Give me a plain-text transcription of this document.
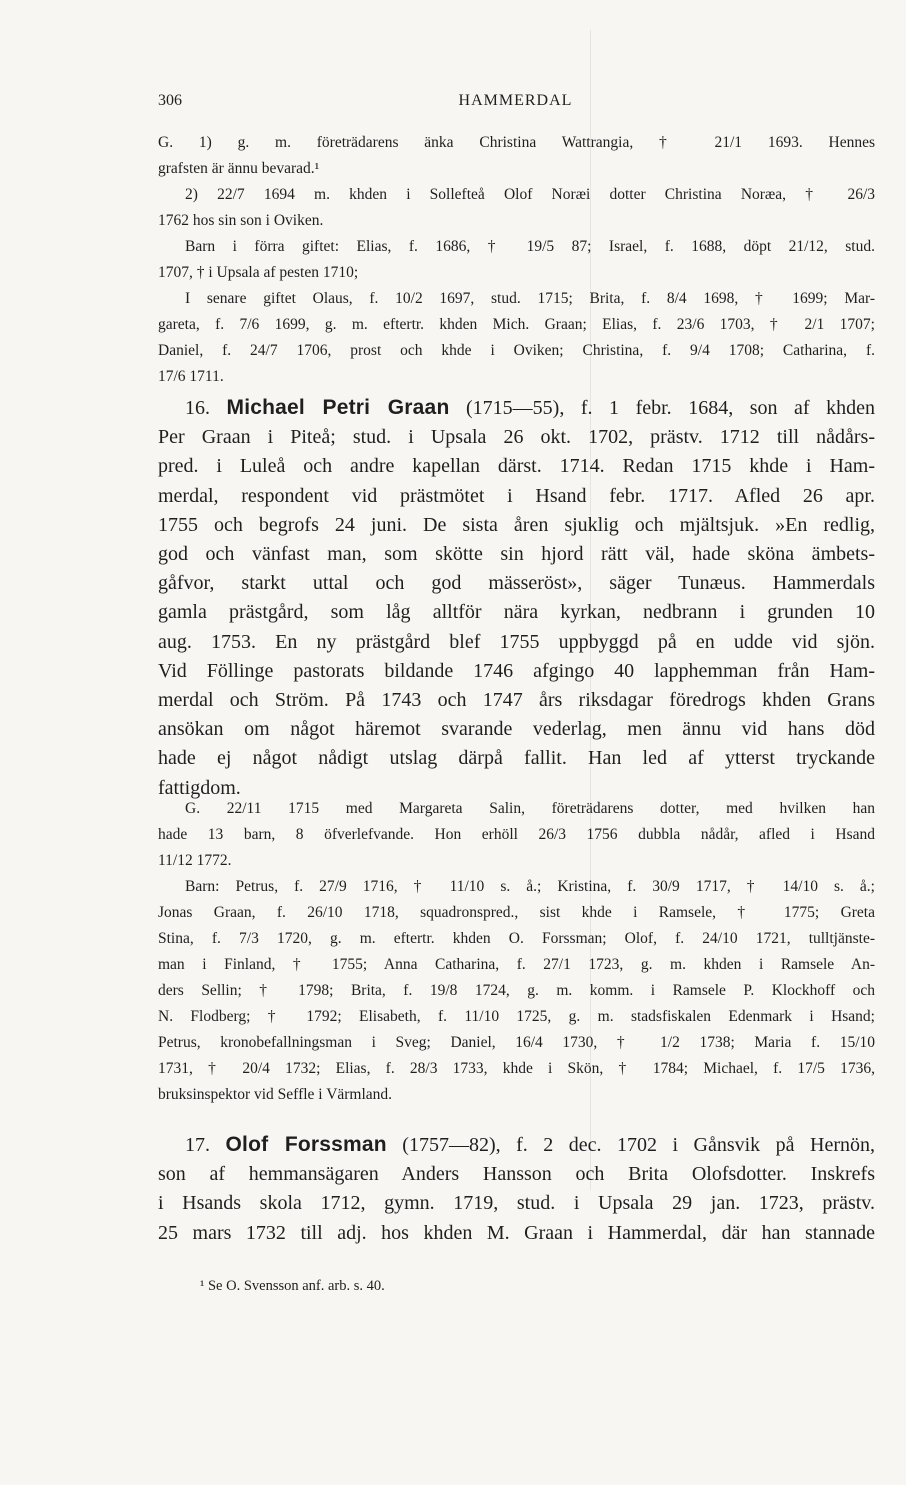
306	HAMMERDAL

G. 1) g. m. företrädarens änka Christina Wattrangia, † 21/1 1693. Hennes

grafsten är ännu bevarad.¹

2) 22/7 1694 m. khden i Sollefteå Olof Noræi dotter Christina Noræa, † 26/3

1762 hos sin son i Oviken.

Barn i förra giftet: Elias, f. 1686, † 19/5 87; Israel, f. 1688, döpt 21/12, stud.

1707, † i Upsala af pesten 1710;

I senare giftet Olaus, f. 10/2 1697, stud. 1715; Brita, f. 8/4 1698, † 1699; Mar-

gareta, f. 7/6 1699, g. m. eftertr. khden Mich. Graan; Elias, f. 23/6 1703, † 2/1 1707;

Daniel, f. 24/7 1706, prost och khde i Oviken; Christina, f. 9/4 1708; Catharina, f.

17/6 1711.

16. Michael Petri Graan (1715—55), f. 1 febr. 1684, son af khden

Per Graan i Piteå; stud. i Upsala 26 okt. 1702, prästv. 1712 till nådårs-

pred. i Luleå och andre kapellan därst. 1714. Redan 1715 khde i Ham-

merdal, respondent vid prästmötet i Hsand febr. 1717. Afled 26 apr.

1755 och begrofs 24 juni. De sista åren sjuklig och mjältsjuk. »En redlig,

god och vänfast man, som skötte sin hjord rätt väl, hade sköna ämbets-

gåfvor, starkt uttal och god mässeröst», säger Tunæus. Hammerdals

gamla prästgård, som låg alltför nära kyrkan, nedbrann i grunden 10

aug. 1753. En ny prästgård blef 1755 uppbyggd på en udde vid sjön.

Vid Föllinge pastorats bildande 1746 afgingo 40 lapphemman från Ham-

merdal och Ström. På 1743 och 1747 års riksdagar föredrogs khden Grans

ansökan om något häremot svarande vederlag, men ännu vid hans död

hade ej något nådigt utslag därpå fallit. Han led af ytterst tryckande

fattigdom.

G. 22/11 1715 med Margareta Salin, företrädarens dotter, med hvilken han

hade 13 barn, 8 öfverlefvande. Hon erhöll 26/3 1756 dubbla nådår, afled i Hsand

11/12 1772.

Barn: Petrus, f. 27/9 1716, † 11/10 s. å.; Kristina, f. 30/9 1717, † 14/10 s. å.;

Jonas Graan, f. 26/10 1718, squadronspred., sist khde i Ramsele, † 1775; Greta

Stina, f. 7/3 1720, g. m. eftertr. khden O. Forssman; Olof, f. 24/10 1721, tulltjänste-

man i Finland, † 1755; Anna Catharina, f. 27/1 1723, g. m. khden i Ramsele An-

ders Sellin; † 1798; Brita, f. 19/8 1724, g. m. komm. i Ramsele P. Klockhoff och

N. Flodberg; † 1792; Elisabeth, f. 11/10 1725, g. m. stadsfiskalen Edenmark i Hsand;

Petrus, kronobefallningsman i Sveg; Daniel, 16/4 1730, † 1/2 1738; Maria f. 15/10

1731, † 20/4 1732; Elias, f. 28/3 1733, khde i Skön, † 1784; Michael, f. 17/5 1736,

bruksinspektor vid Seffle i Värmland.

17. Olof Forssman (1757—82), f. 2 dec. 1702 i Gånsvik på Hernön,

son af hemmansägaren Anders Hansson och Brita Olofsdotter. Inskrefs

i Hsands skola 1712, gymn. 1719, stud. i Upsala 29 jan. 1723, prästv.

25 mars 1732 till adj. hos khden M. Graan i Hammerdal, där han stannade

¹ Se O. Svensson anf. arb. s. 40.
